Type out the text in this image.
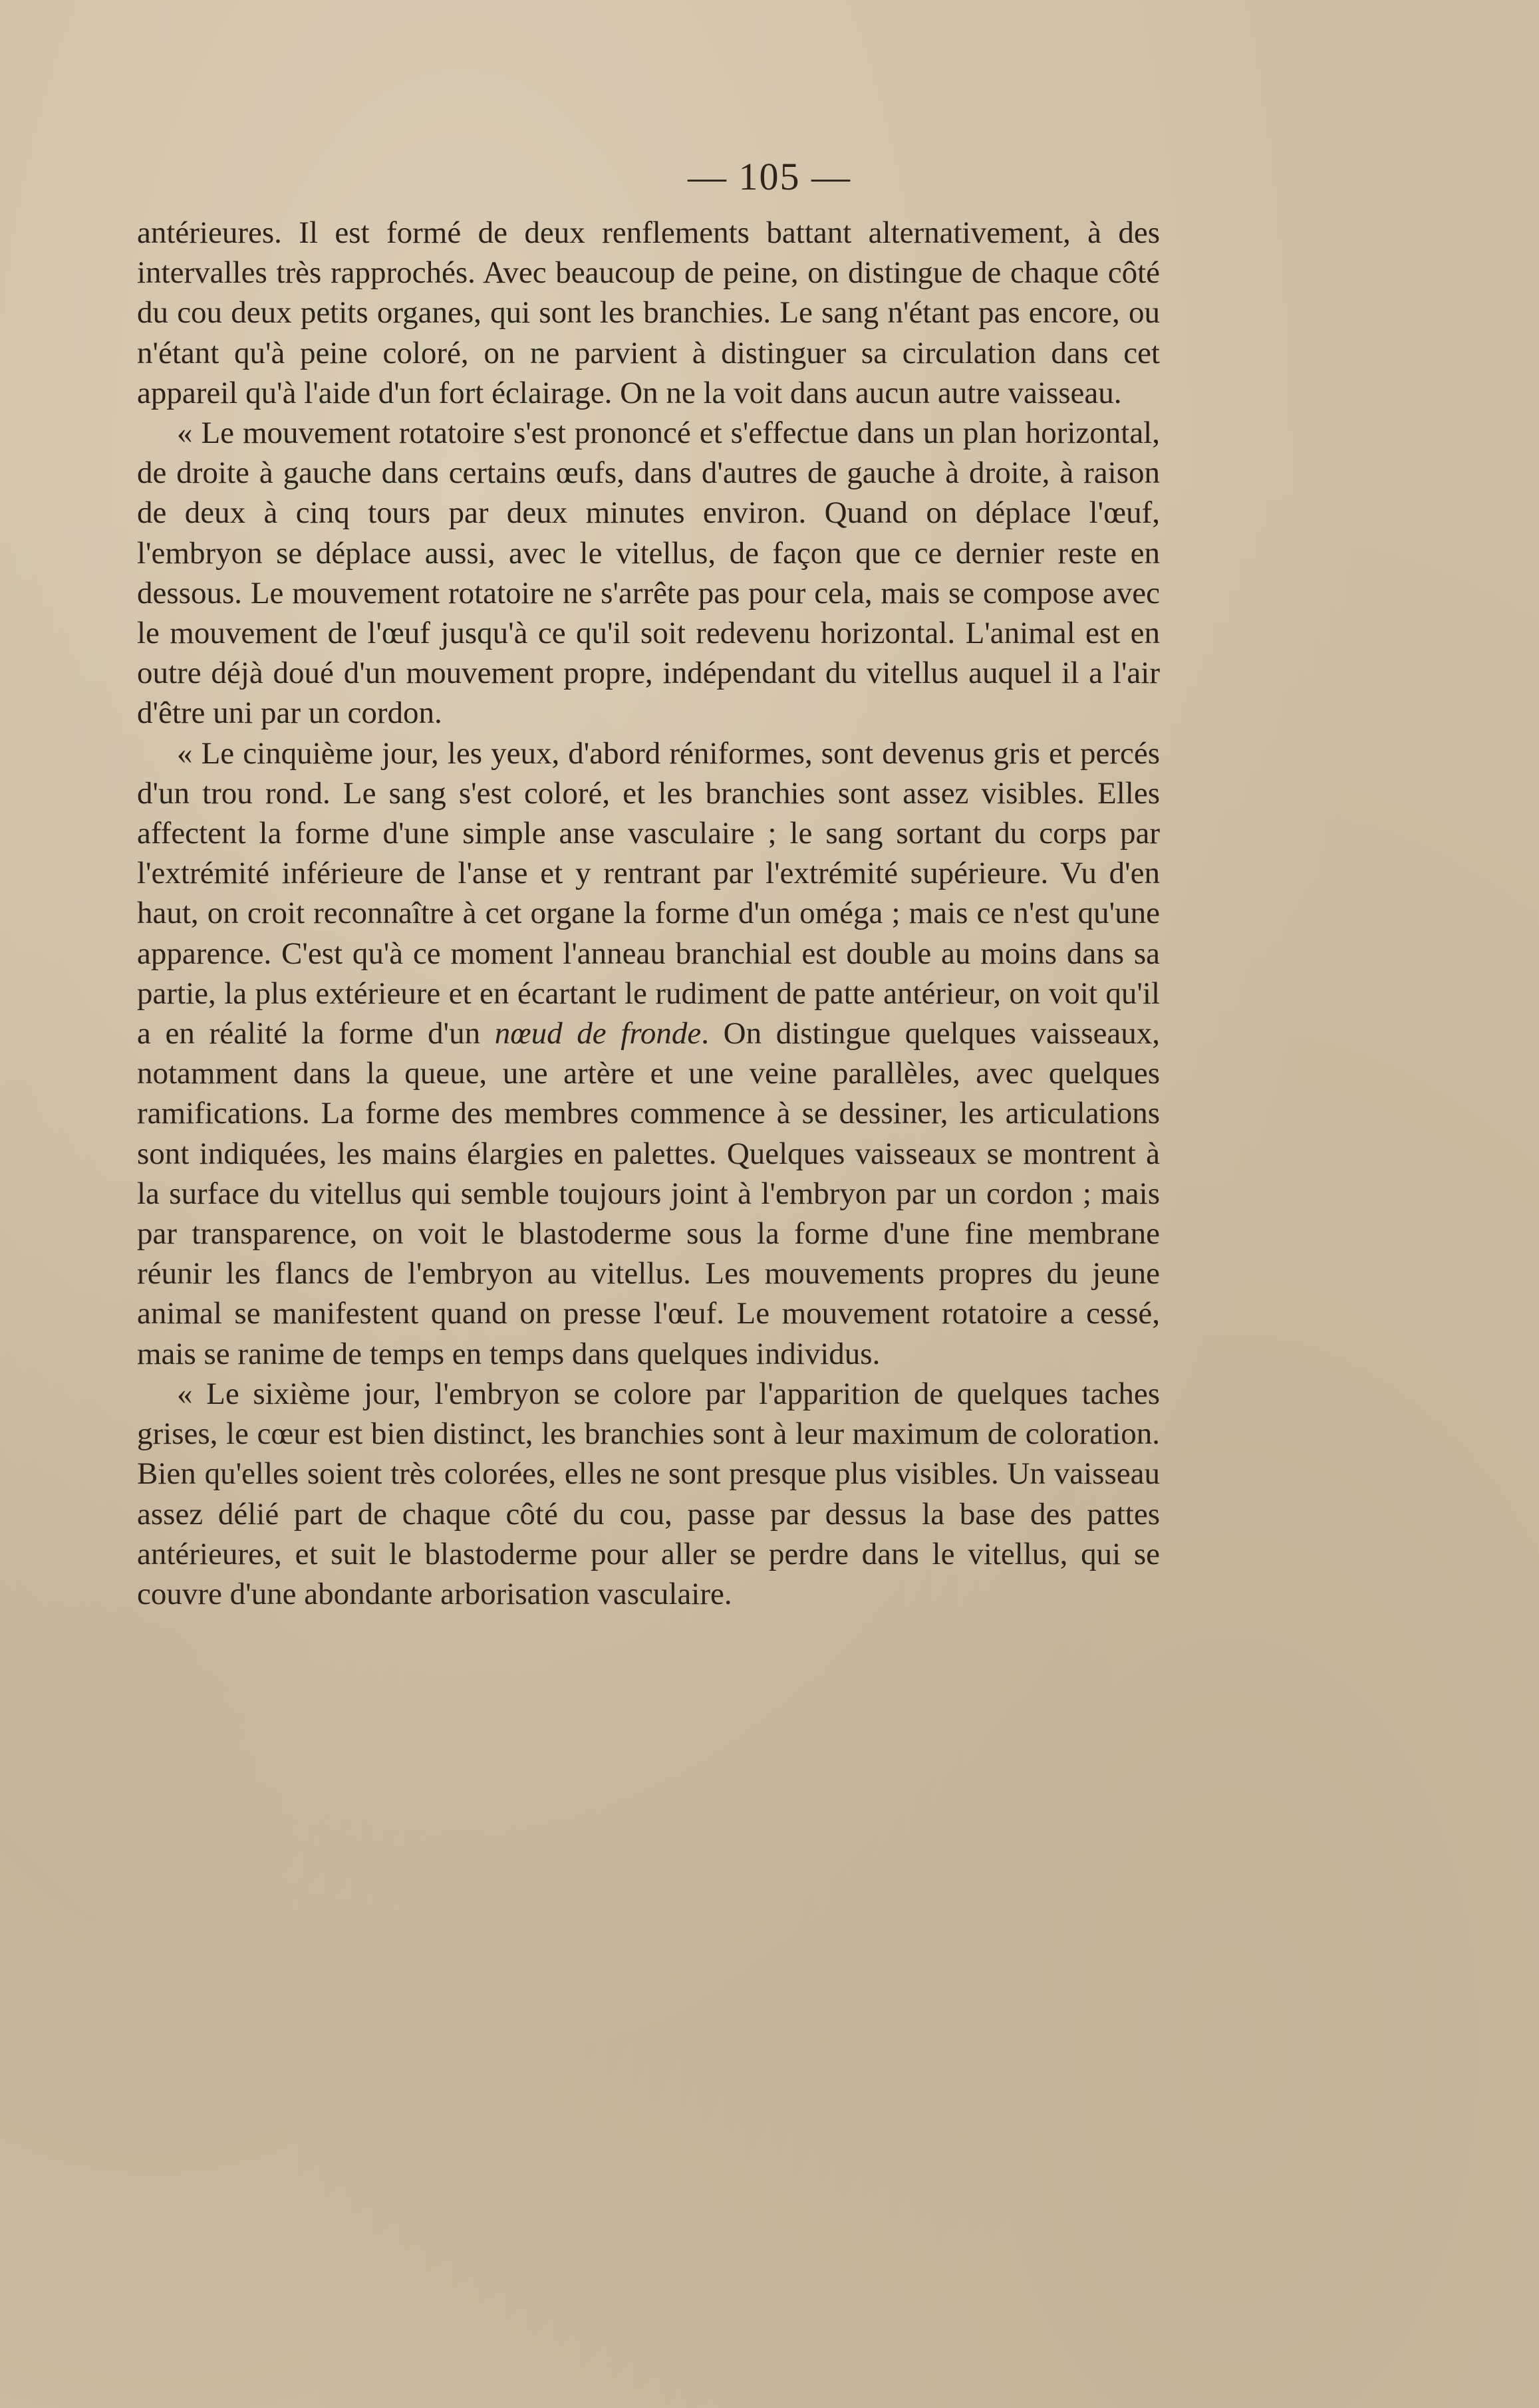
— 105 —

antérieures. Il est formé de deux renflements battant alternativement, à des intervalles très rapprochés. Avec beaucoup de peine, on distingue de chaque côté du cou deux petits organes, qui sont les branchies. Le sang n'étant pas encore, ou n'étant qu'à peine coloré, on ne parvient à distinguer sa circulation dans cet appareil qu'à l'aide d'un fort éclairage. On ne la voit dans aucun autre vaisseau.

« Le mouvement rotatoire s'est prononcé et s'effectue dans un plan horizontal, de droite à gauche dans certains œufs, dans d'autres de gauche à droite, à raison de deux à cinq tours par deux minutes environ. Quand on déplace l'œuf, l'embryon se déplace aussi, avec le vitellus, de façon que ce dernier reste en dessous. Le mouvement rotatoire ne s'arrête pas pour cela, mais se compose avec le mouvement de l'œuf jusqu'à ce qu'il soit redevenu horizontal. L'animal est en outre déjà doué d'un mouvement propre, indépendant du vitellus auquel il a l'air d'être uni par un cordon.

« Le cinquième jour, les yeux, d'abord réniformes, sont devenus gris et percés d'un trou rond. Le sang s'est coloré, et les branchies sont assez visibles. Elles affectent la forme d'une simple anse vasculaire ; le sang sortant du corps par l'extrémité inférieure de l'anse et y rentrant par l'extrémité supérieure. Vu d'en haut, on croit reconnaître à cet organe la forme d'un oméga ; mais ce n'est qu'une apparence. C'est qu'à ce moment l'anneau branchial est double au moins dans sa partie, la plus extérieure et en écartant le rudiment de patte antérieur, on voit qu'il a en réalité la forme d'un nœud de fronde. On distingue quelques vaisseaux, notamment dans la queue, une artère et une veine parallèles, avec quelques ramifications. La forme des membres commence à se dessiner, les articulations sont indiquées, les mains élargies en palettes. Quelques vaisseaux se montrent à la surface du vitellus qui semble toujours joint à l'embryon par un cordon ; mais par transparence, on voit le blastoderme sous la forme d'une fine membrane réunir les flancs de l'embryon au vitellus. Les mouvements propres du jeune animal se manifestent quand on presse l'œuf. Le mouvement rotatoire a cessé, mais se ranime de temps en temps dans quelques individus.

« Le sixième jour, l'embryon se colore par l'apparition de quelques taches grises, le cœur est bien distinct, les branchies sont à leur maximum de coloration. Bien qu'elles soient très colorées, elles ne sont presque plus visibles. Un vaisseau assez délié part de chaque côté du cou, passe par dessus la base des pattes antérieures, et suit le blastoderme pour aller se perdre dans le vitellus, qui se couvre d'une abondante arborisation vasculaire.
